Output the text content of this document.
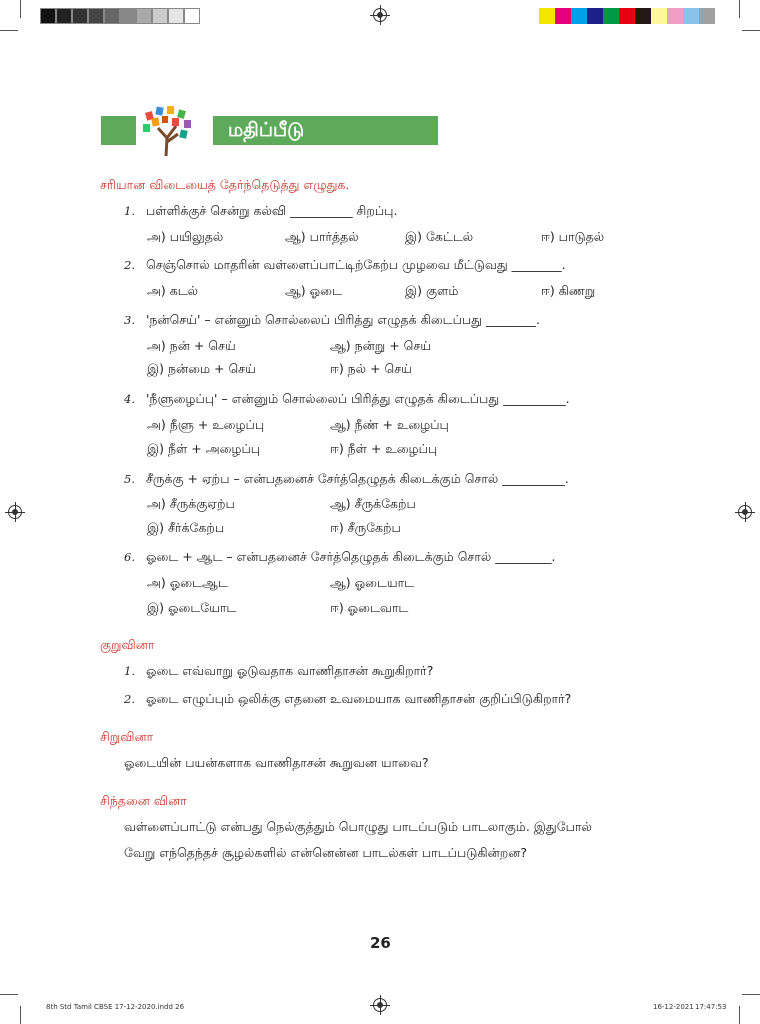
மதிப்பீடு
சரியான விடையைத் தேர்ந்தெடுத்து எழுதுக.
1. பள்ளிக்குச் சென்று கல்வி __________ சிறப்பு.
அ) பயிலுதல்	ஆ) பார்த்தல்	இ) கேட்டல்	ஈ) பாடுதல்
2. செஞ்சொல் மாதரின் வள்ளைப்பாட்டிற்கேற்ப முழவை மீட்டுவது ________.
அ) கடல்	ஆ) ஓடை	இ) குளம்	ஈ) கிணறு
3. 'நன்செய்' – என்னும் சொல்லைப் பிரித்து எழுதக் கிடைப்பது ________.
அ) நன் + செய்	ஆ) நன்று + செய்
இ) நன்மை + செய்	ஈ) நல் + செய்
4. 'நீளுழைப்பு' – என்னும் சொல்லைப் பிரித்து எழுதக் கிடைப்பது __________.
அ) நீளு + உழைப்பு	ஆ) நீண் + உழைப்பு
இ) நீள் + அழைப்பு	ஈ) நீள் + உழைப்பு
5. சீருக்கு + ஏற்ப – என்பதனைச் சேர்த்தெழுதக் கிடைக்கும் சொல் __________.
அ) சீருக்குஏற்ப	ஆ) சீருக்கேற்ப
இ) சீர்க்கேற்ப	ஈ) சீருகேற்ப
6. ஓடை + ஆட – என்பதனைச் சேர்த்தெழுதக் கிடைக்கும் சொல் _________.
அ) ஓடைஆட	ஆ) ஓடையாட
இ) ஓடையோட	ஈ) ஓடைவாட
குறுவினா
1. ஓடை எவ்வாறு ஓடுவதாக வாணிதாசன் கூறுகிறார்?
2. ஓடை எழுப்பும் ஒலிக்கு எதனை உவமையாக வாணிதாசன் குறிப்பிடுகிறார்?
சிறுவினா
ஓடையின் பயன்களாக வாணிதாசன் கூறுவன யாவை?
சிந்தனை வினா
வள்ளைப்பாட்டு என்பது நெல்குத்தும் பொழுது பாடப்படும் பாடலாகும். இதுபோல்
வேறு எந்தெந்தச் சூழல்களில் என்னென்ன பாடல்கள் பாடப்படுகின்றன?
26
8th Std Tamil CBSE 17-12-2020.indd 26	16-12-2021 17:47:53
